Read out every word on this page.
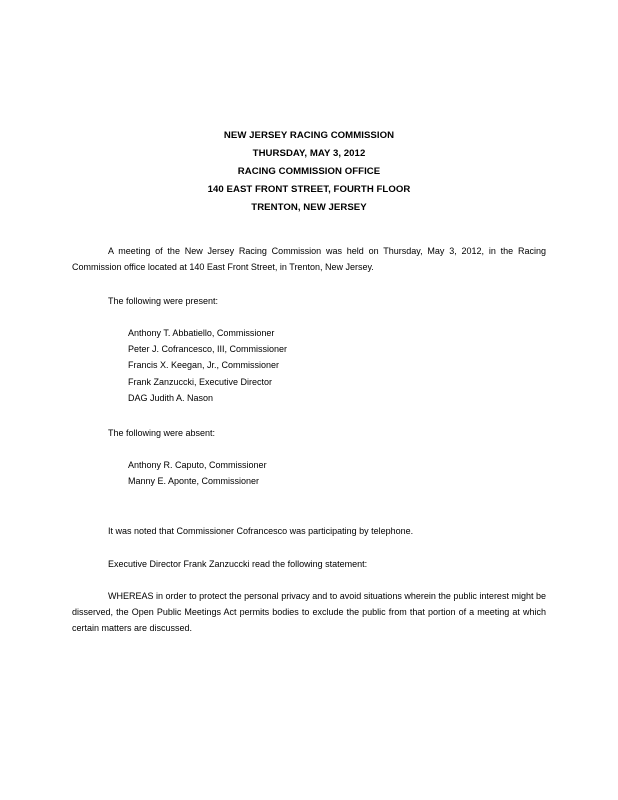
NEW JERSEY RACING COMMISSION
THURSDAY, MAY 3, 2012
RACING COMMISSION OFFICE
140 EAST FRONT STREET, FOURTH FLOOR
TRENTON, NEW JERSEY
A meeting of the New Jersey Racing Commission was held on Thursday, May 3, 2012, in the Racing Commission office located at 140 East Front Street, in Trenton, New Jersey.
The following were present:
Anthony T. Abbatiello, Commissioner
Peter J. Cofrancesco, III, Commissioner
Francis X. Keegan, Jr., Commissioner
Frank Zanzuccki, Executive Director
DAG Judith A. Nason
The following were absent:
Anthony R. Caputo, Commissioner
Manny E. Aponte, Commissioner
It was noted that Commissioner Cofrancesco was participating by telephone.
Executive Director Frank Zanzuccki read the following statement:
WHEREAS in order to protect the personal privacy and to avoid situations wherein the public interest might be disserved, the Open Public Meetings Act permits bodies to exclude the public from that portion of a meeting at which certain matters are discussed.
